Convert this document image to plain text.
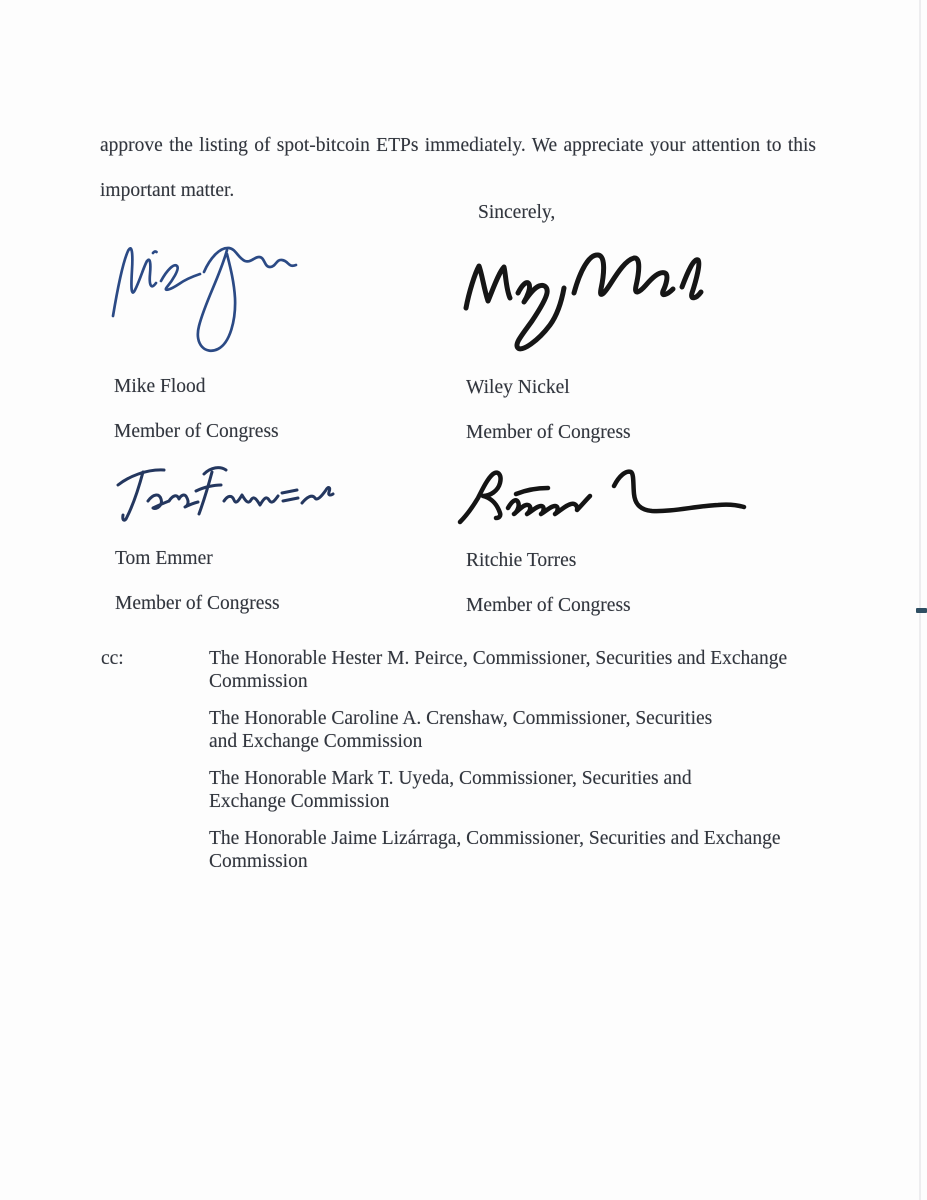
approve the listing of spot-bitcoin ETPs immediately. We appreciate your attention to this

important matter.

Sincerely,

Mike Flood

Member of Congress

Wiley Nickel

Member of Congress

Tom Emmer

Member of Congress

Ritchie Torres

Member of Congress

cc:	The Honorable Hester M. Peirce, Commissioner, Securities and Exchange
Commission
The Honorable Caroline A. Crenshaw, Commissioner, Securities
and Exchange Commission
The Honorable Mark T. Uyeda, Commissioner, Securities and
Exchange Commission
The Honorable Jaime Lizárraga, Commissioner, Securities and Exchange
Commission
